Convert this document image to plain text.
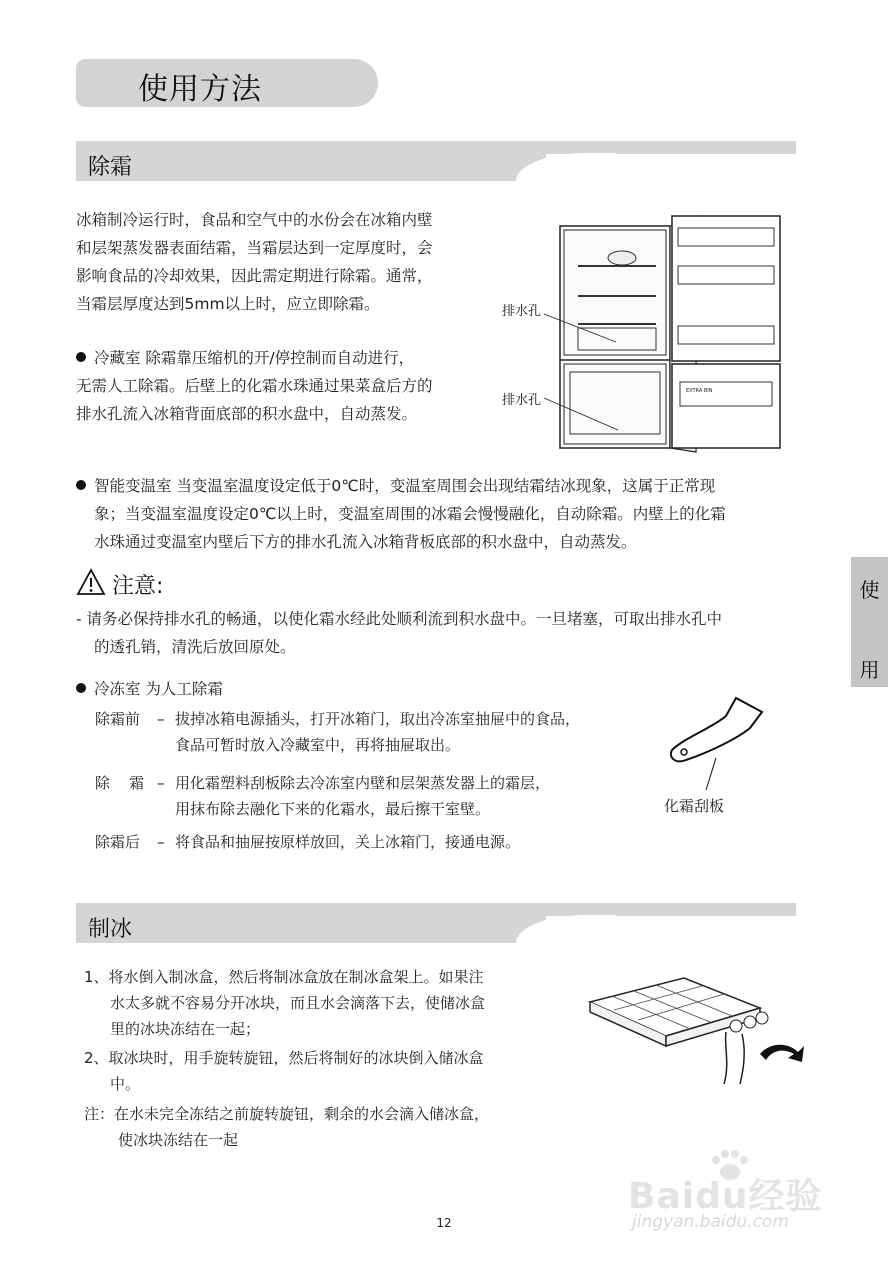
使用方法
除霜
冰箱制冷运行时，食品和空气中的水份会在冰箱内壁
和层架蒸发器表面结霜，当霜层达到一定厚度时，会
影响食品的冷却效果，因此需定期进行除霜。通常，
当霜层厚度达到5mm以上时，应立即除霜。
冷藏室 除霜靠压缩机的开/停控制而自动进行，
无需人工除霜。后壁上的化霜水珠通过果菜盒后方的
排水孔流入冰箱背面底部的积水盘中，自动蒸发。
EXTRA BIN
排水孔
排水孔
智能变温室 当变温室温度设定低于0℃时，变温室周围会出现结霜结冰现象，这属于正常现
象；当变温室温度设定0℃以上时，变温室周围的冰霜会慢慢融化，自动除霜。内壁上的化霜
水珠通过变温室内壁后下方的排水孔流入冰箱背板底部的积水盘中，自动蒸发。
注意:
- 请务必保持排水孔的畅通，以使化霜水经此处顺利流到积水盘中。一旦堵塞，可取出排水孔中
的透孔销，清洗后放回原处。
使
用
冷冻室 为人工除霜
除霜前	– 拔掉冰箱电源插头，打开冰箱门，取出冷冻室抽屉中的食品，
食品可暂时放入冷藏室中，再将抽屉取出。
除    霜 – 用化霜塑料刮板除去冷冻室内壁和层架蒸发器上的霜层，
用抹布除去融化下来的化霜水，最后擦干室壁。
除霜后	– 将食品和抽屉按原样放回，关上冰箱门，接通电源。
化霜刮板
制冰
1、将水倒入制冰盒，然后将制冰盒放在制冰盒架上。如果注
水太多就不容易分开冰块，而且水会滴落下去，使储冰盒
里的冰块冻结在一起；
2、取冰块时，用手旋转旋钮，然后将制好的冰块倒入储冰盒
中。
注：在水未完全冻结之前旋转旋钮，剩余的水会滴入储冰盒，
使冰块冻结在一起
12
Baidu经验
jingyan.baidu.com
